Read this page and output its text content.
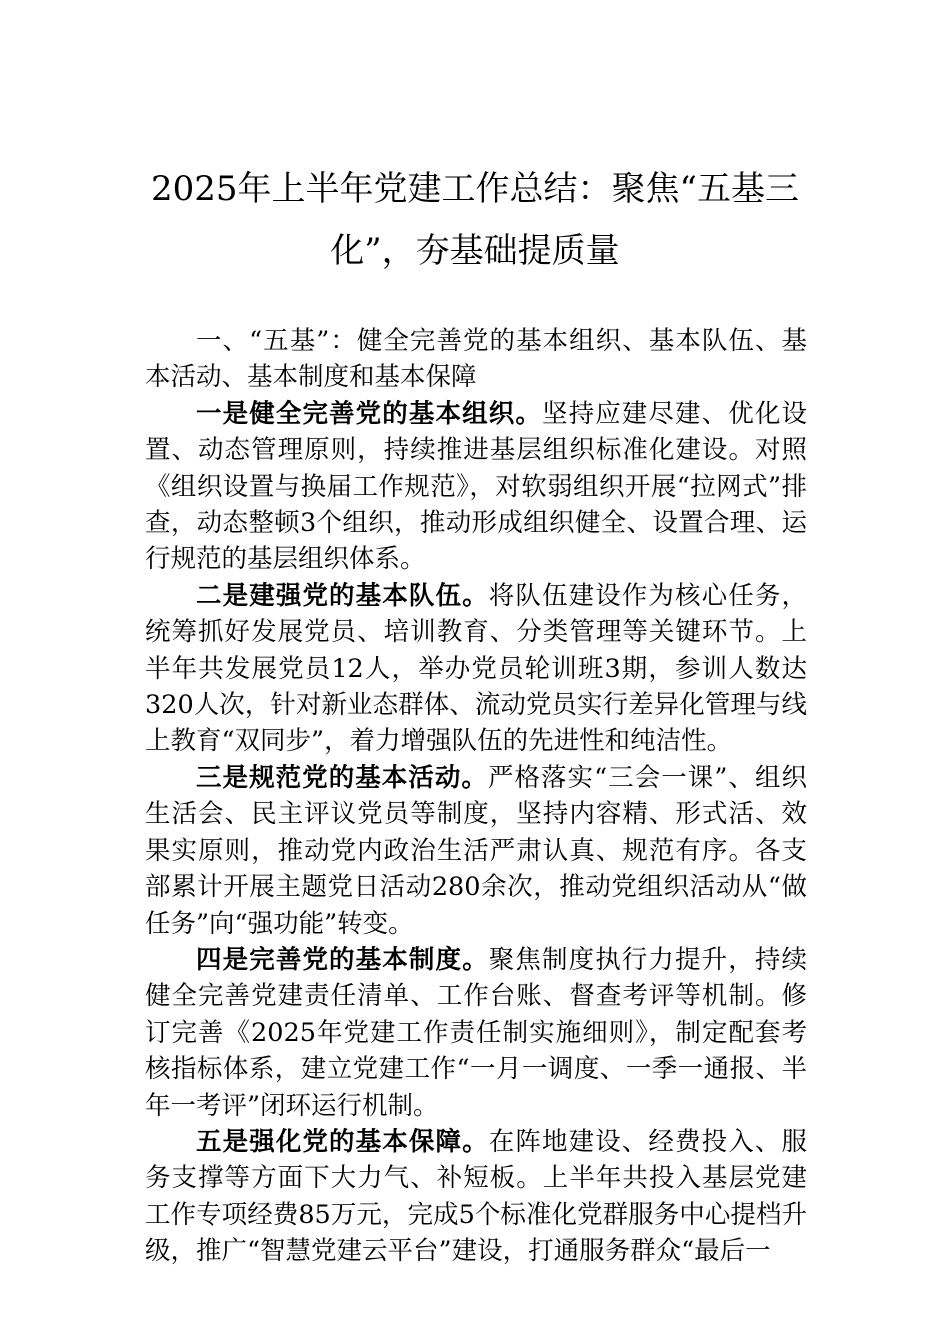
2025年上半年党建工作总结：聚焦“五基三化”，夯基础提质量

一、“五基”：健全完善党的基本组织、基本队伍、基本活动、基本制度和基本保障

一是健全完善党的基本组织。坚持应建尽建、优化设置、动态管理原则，持续推进基层组织标准化建设。对照《组织设置与换届工作规范》，对软弱组织开展“拉网式”排查，动态整顿3个组织，推动形成组织健全、设置合理、运行规范的基层组织体系。

二是建强党的基本队伍。将队伍建设作为核心任务，统筹抓好发展党员、培训教育、分类管理等关键环节。上半年共发展党员12人，举办党员轮训班3期，参训人数达320人次，针对新业态群体、流动党员实行差异化管理与线上教育“双同步”，着力增强队伍的先进性和纯洁性。

三是规范党的基本活动。严格落实“三会一课”、组织生活会、民主评议党员等制度，坚持内容精、形式活、效果实原则，推动党内政治生活严肃认真、规范有序。各支部累计开展主题党日活动280余次，推动党组织活动从“做任务”向“强功能”转变。

四是完善党的基本制度。聚焦制度执行力提升，持续健全完善党建责任清单、工作台账、督查考评等机制。修订完善《2025年党建工作责任制实施细则》，制定配套考核指标体系，建立党建工作“一月一调度、一季一通报、半年一考评”闭环运行机制。

五是强化党的基本保障。在阵地建设、经费投入、服务支撑等方面下大力气、补短板。上半年共投入基层党建工作专项经费85万元，完成5个标准化党群服务中心提档升级，推广“智慧党建云平台”建设，打通服务群众“最后一
